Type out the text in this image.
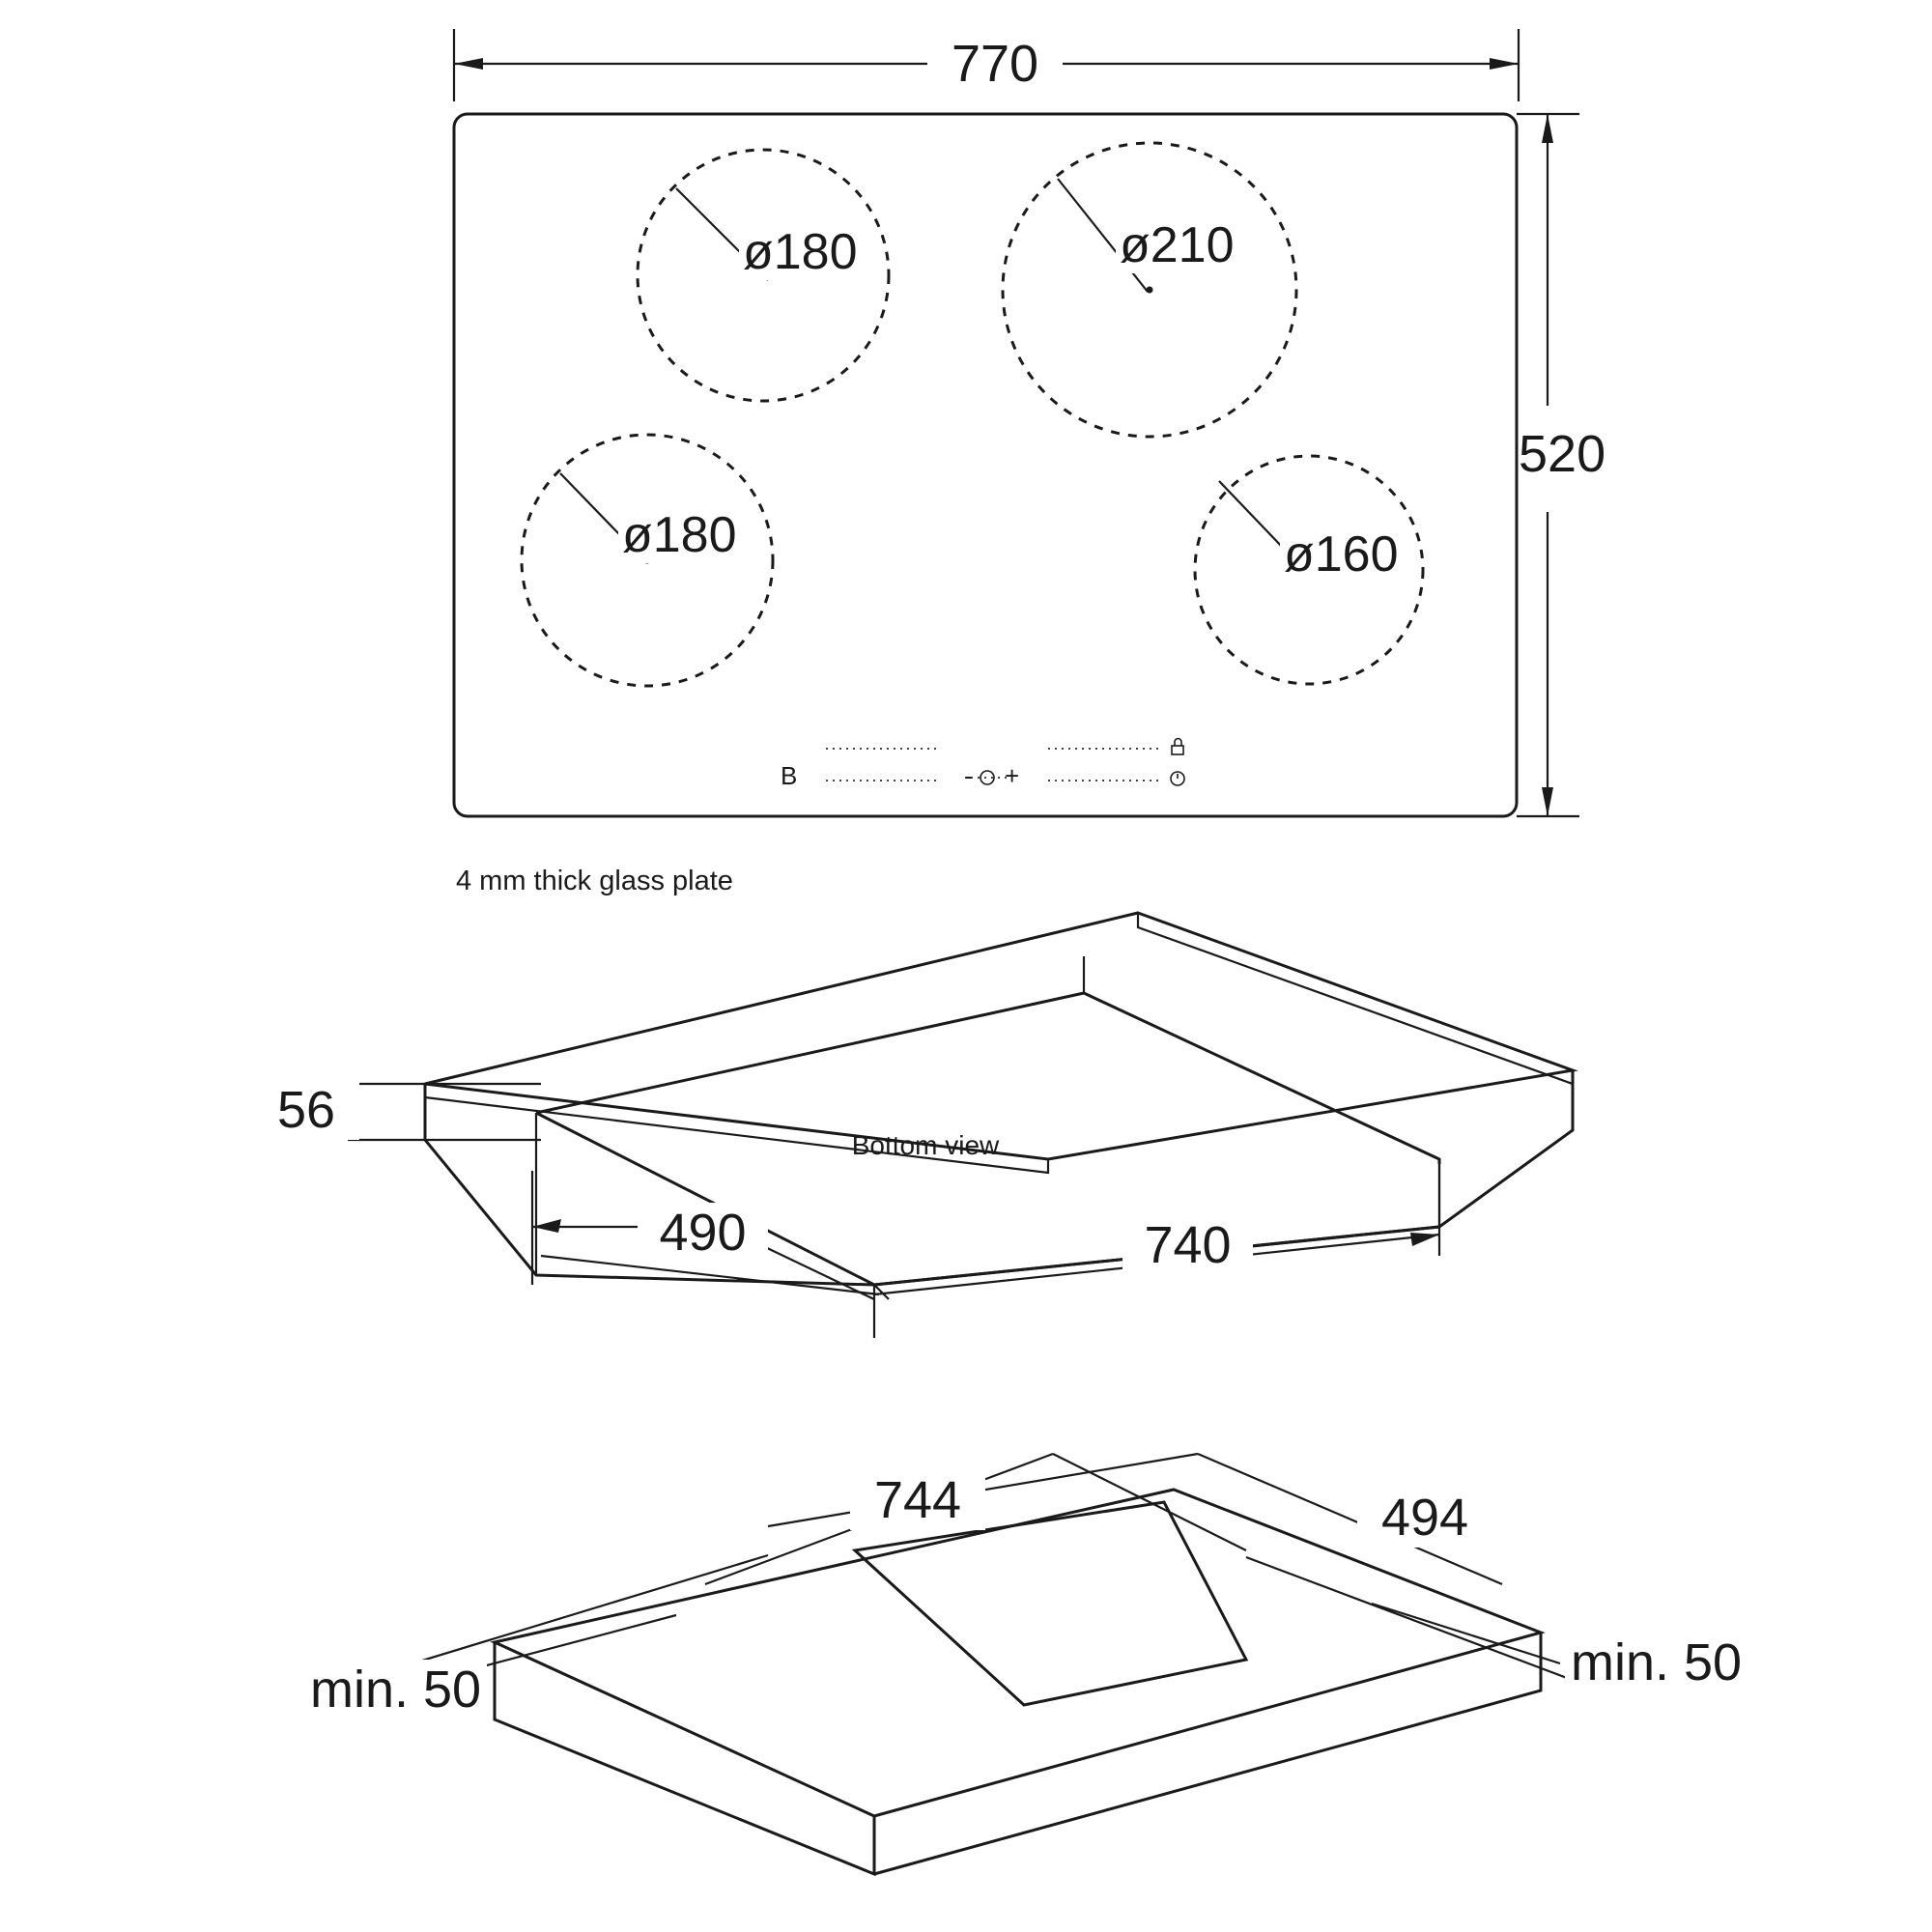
- +
B
Bottom view
770
520
ø180	ø210
ø180	ø160
4 mm thick glass plate
56
490	740
744	494
min. 50	min. 50
